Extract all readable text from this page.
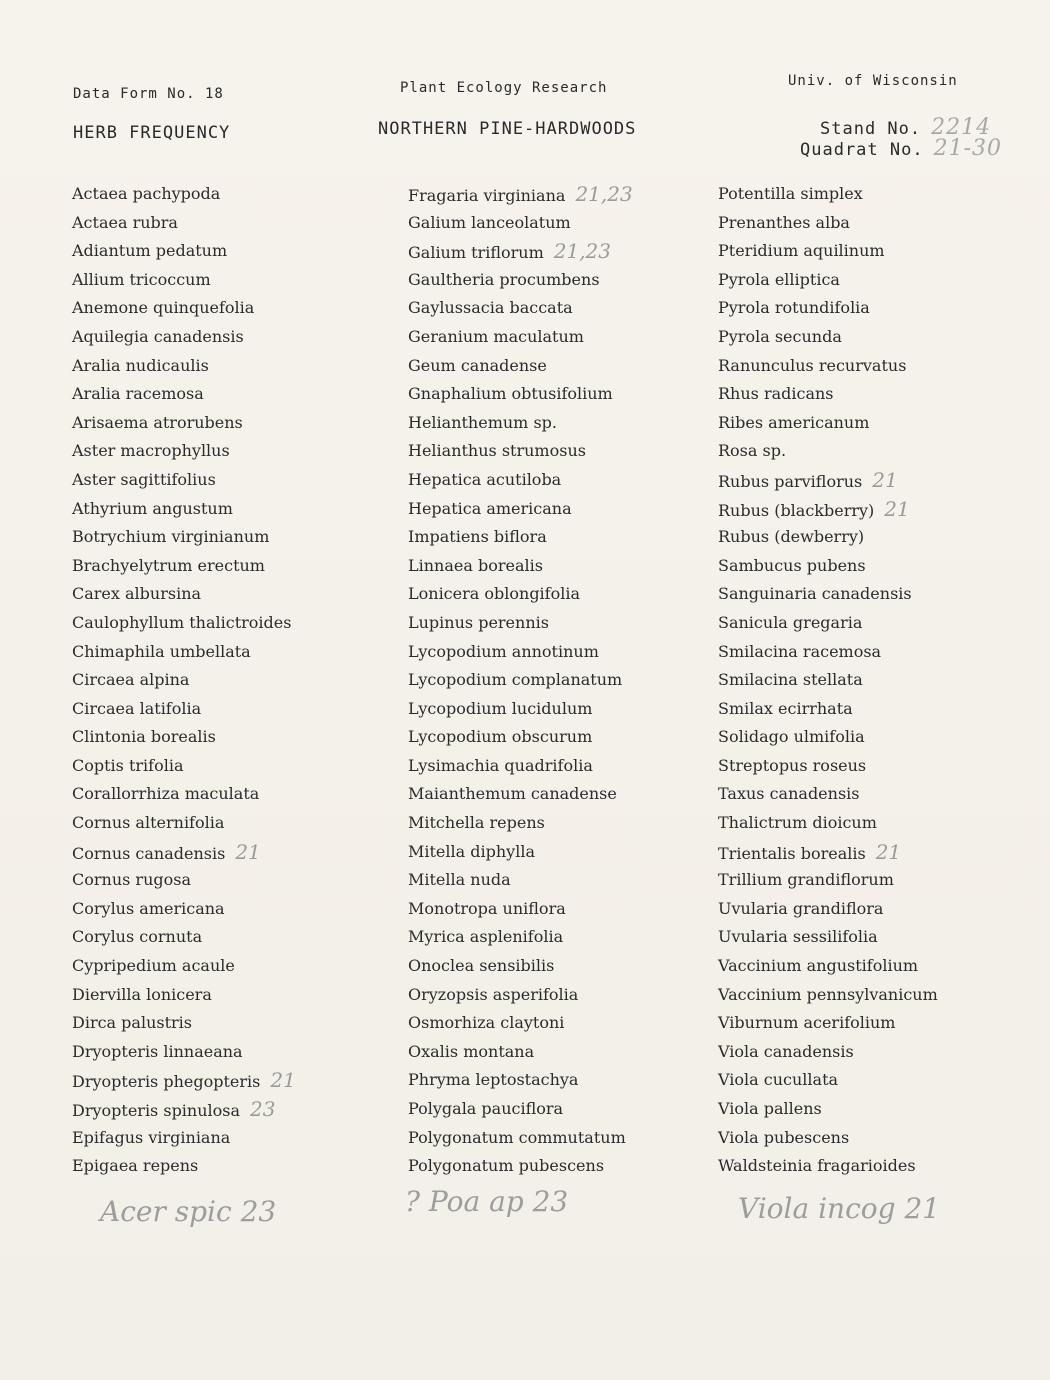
Data Form No. 18	Plant Ecology Research	Univ. of Wisconsin
HERB FREQUENCY	NORTHERN PINE-HARDWOODS	Stand No. 2214
Quadrat No. 21-30
Actaea pachypoda
Actaea rubra
Adiantum pedatum
Allium tricoccum
Anemone quinquefolia
Aquilegia canadensis
Aralia nudicaulis
Aralia racemosa
Arisaema atrorubens
Aster macrophyllus
Aster sagittifolius
Athyrium angustum
Botrychium virginianum
Brachyelytrum erectum
Carex albursina
Caulophyllum thalictroides
Chimaphila umbellata
Circaea alpina
Circaea latifolia
Clintonia borealis
Coptis trifolia
Corallorrhiza maculata
Cornus alternifolia
Cornus canadensis 21
Cornus rugosa
Corylus americana
Corylus cornuta
Cypripedium acaule
Diervilla lonicera
Dirca palustris
Dryopteris linnaeana
Dryopteris phegopteris 21
Dryopteris spinulosa 23
Epifagus virginiana
Epigaea repens
Fragaria virginiana 21,23
Galium lanceolatum
Galium triflorum 21,23
Gaultheria procumbens
Gaylussacia baccata
Geranium maculatum
Geum canadense
Gnaphalium obtusifolium
Helianthemum sp.
Helianthus strumosus
Hepatica acutiloba
Hepatica americana
Impatiens biflora
Linnaea borealis
Lonicera oblongifolia
Lupinus perennis
Lycopodium annotinum
Lycopodium complanatum
Lycopodium lucidulum
Lycopodium obscurum
Lysimachia quadrifolia
Maianthemum canadense
Mitchella repens
Mitella diphylla
Mitella nuda
Monotropa uniflora
Myrica asplenifolia
Onoclea sensibilis
Oryzopsis asperifolia
Osmorhiza claytoni
Oxalis montana
Phryma leptostachya
Polygala pauciflora
Polygonatum commutatum
Polygonatum pubescens
Potentilla simplex
Prenanthes alba
Pteridium aquilinum
Pyrola elliptica
Pyrola rotundifolia
Pyrola secunda
Ranunculus recurvatus
Rhus radicans
Ribes americanum
Rosa sp.
Rubus parviflorus 21
Rubus (blackberry) 21
Rubus (dewberry)
Sambucus pubens
Sanguinaria canadensis
Sanicula gregaria
Smilacina racemosa
Smilacina stellata
Smilax ecirrhata
Solidago ulmifolia
Streptopus roseus
Taxus canadensis
Thalictrum dioicum
Trientalis borealis 21
Trillium grandiflorum
Uvularia grandiflora
Uvularia sessilifolia
Vaccinium angustifolium
Vaccinium pennsylvanicum
Viburnum acerifolium
Viola canadensis
Viola cucullata
Viola pallens
Viola pubescens
Waldsteinia fragarioides
Acer spic 23	? Poa ap 23	Viola incog 21
